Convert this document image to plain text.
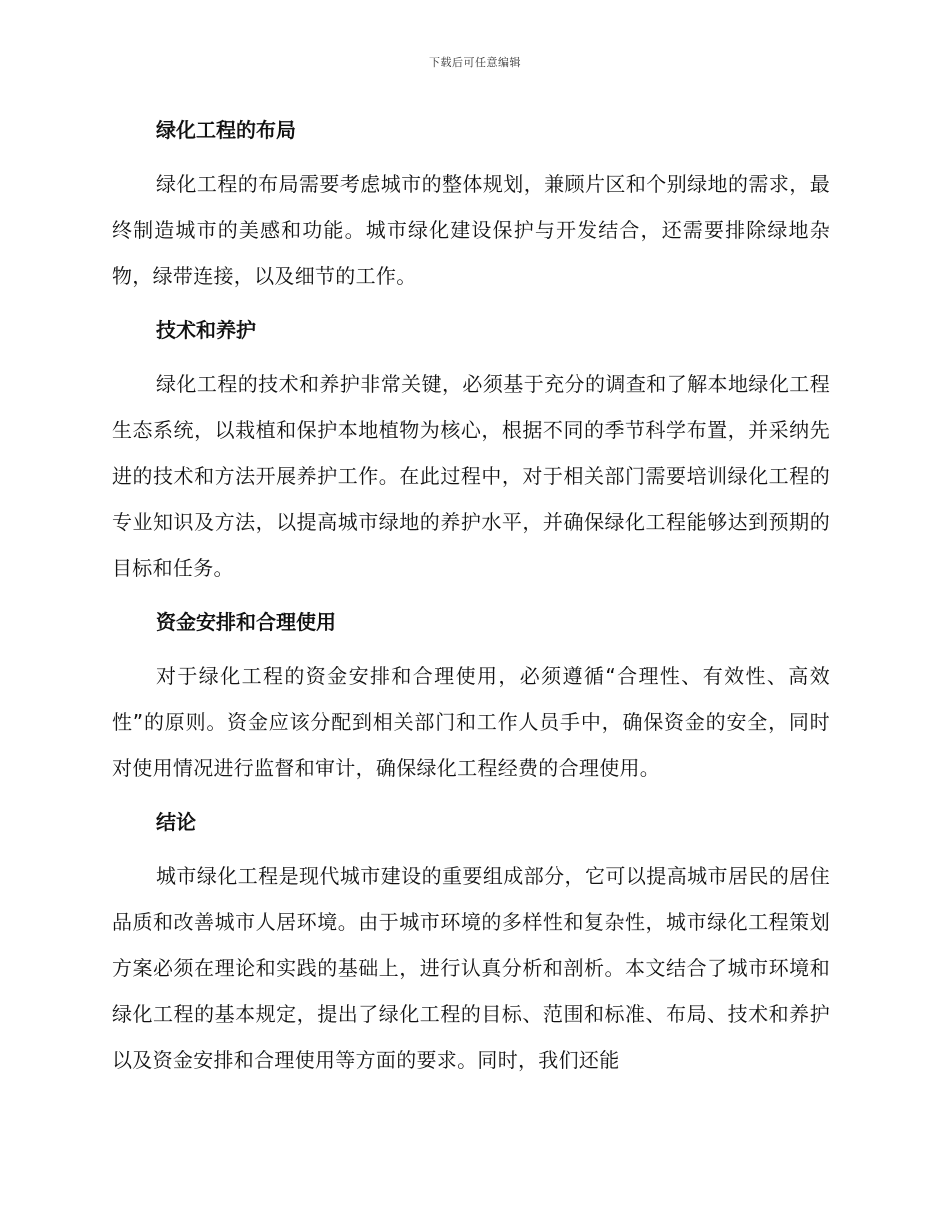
下载后可任意编辑
绿化工程的布局

绿化工程的布局需要考虑城市的整体规划，兼顾片区和个别绿地的需求，最终制造城市的美感和功能。城市绿化建设保护与开发结合，还需要排除绿地杂物，绿带连接，以及细节的工作。

技术和养护

绿化工程的技术和养护非常关键，必须基于充分的调查和了解本地绿化工程生态系统，以栽植和保护本地植物为核心，根据不同的季节科学布置，并采纳先进的技术和方法开展养护工作。在此过程中，对于相关部门需要培训绿化工程的专业知识及方法，以提高城市绿地的养护水平，并确保绿化工程能够达到预期的目标和任务。

资金安排和合理使用

对于绿化工程的资金安排和合理使用，必须遵循“合理性、有效性、高效性”的原则。资金应该分配到相关部门和工作人员手中，确保资金的安全，同时对使用情况进行监督和审计，确保绿化工程经费的合理使用。

结论

城市绿化工程是现代城市建设的重要组成部分，它可以提高城市居民的居住品质和改善城市人居环境。由于城市环境的多样性和复杂性，城市绿化工程策划方案必须在理论和实践的基础上，进行认真分析和剖析。本文结合了城市环境和绿化工程的基本规定，提出了绿化工程的目标、范围和标准、布局、技术和养护以及资金安排和合理使用等方面的要求。同时，我们还能
